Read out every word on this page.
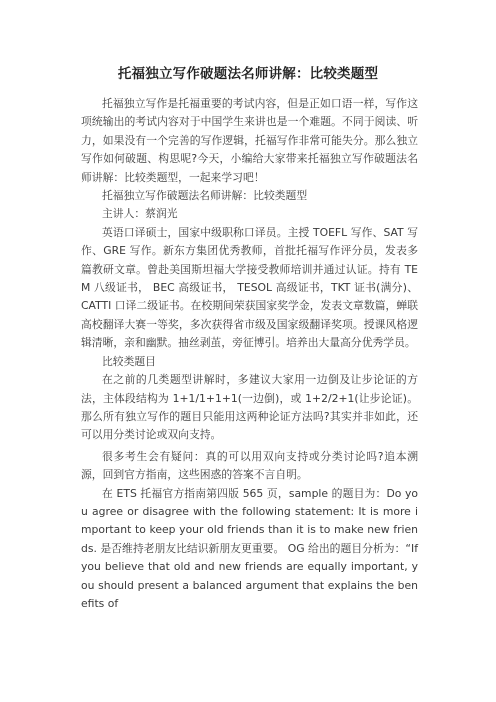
托福独立写作破题法名师讲解：比较类题型

托福独立写作是托福重要的考试内容，但是正如口语一样，写作这项统输出的考试内容对于中国学生来讲也是一个难题。不同于阅读、听力，如果没有一个完善的写作逻辑，托福写作非常可能失分。那么独立写作如何破题、构思呢?今天，小编给大家带来托福独立写作破题法名师讲解：比较类题型，一起来学习吧！

托福独立写作破题法名师讲解：比较类题型

主讲人：蔡润光

英语口译硕士，国家中级职称口译员。主授 TOEFL 写作、SAT 写作、GRE 写作。新东方集团优秀教师，首批托福写作评分员，发表多篇教研文章。曾赴美国斯坦福大学接受教师培训并通过认证。持有 TEM 八级证书， BEC 高级证书， TESOL 高级证书，TKT 证书(满分)、CATTI 口译二级证书。在校期间荣获国家奖学金，发表文章数篇，蝉联高校翻译大赛一等奖，多次获得省市级及国家级翻译奖项。授课风格逻辑清晰，亲和幽默。抽丝剥茧，旁征博引。培养出大量高分优秀学员。

比较类题目

在之前的几类题型讲解时，多建议大家用一边倒及让步论证的方法，主体段结构为 1+1/1+1+1(一边倒)，或 1+2/2+1(让步论证)。那么所有独立写作的题目只能用这两种论证方法吗?其实并非如此，还可以用分类讨论或双向支持。

很多考生会有疑问：真的可以用双向支持或分类讨论吗?追本溯源，回到官方指南，这些困惑的答案不言自明。

在 ETS 托福官方指南第四版 565 页，sample 的题目为：Do you agree or disagree with the following statement: It is more important to keep your old friends than it is to make new friends. 是否维持老朋友比结识新朋友更重要。 OG 给出的题目分析为：“If you believe that old and new friends are equally important, you should present a balanced argument that explains the benefits of
